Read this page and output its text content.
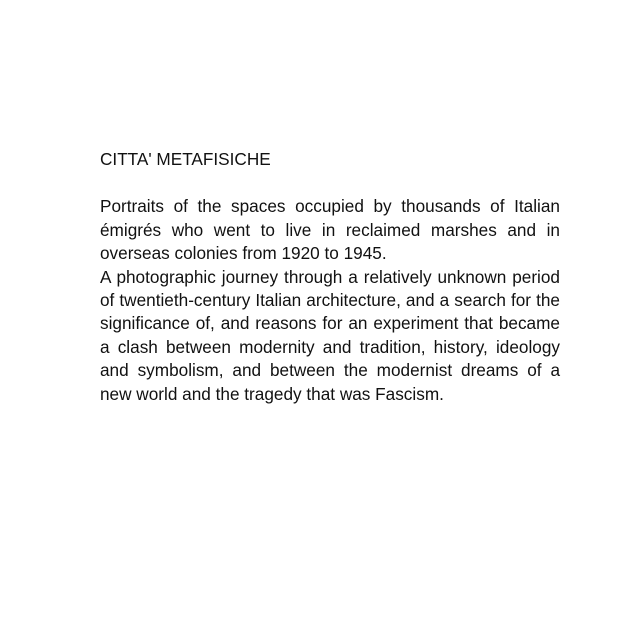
CITTA' METAFISICHE

Portraits of the spaces occupied by thousands of Italian émigrés who went to live in reclaimed marshes and in overseas colonies from 1920 to 1945.

A photographic journey through a relatively unknown period of twentieth-century Italian architecture, and a search for the significance of, and reasons for an experiment that became a clash between modernity and tradition, history, ideology and symbolism, and between the modernist dreams of a new world and the tragedy that was Fascism.
